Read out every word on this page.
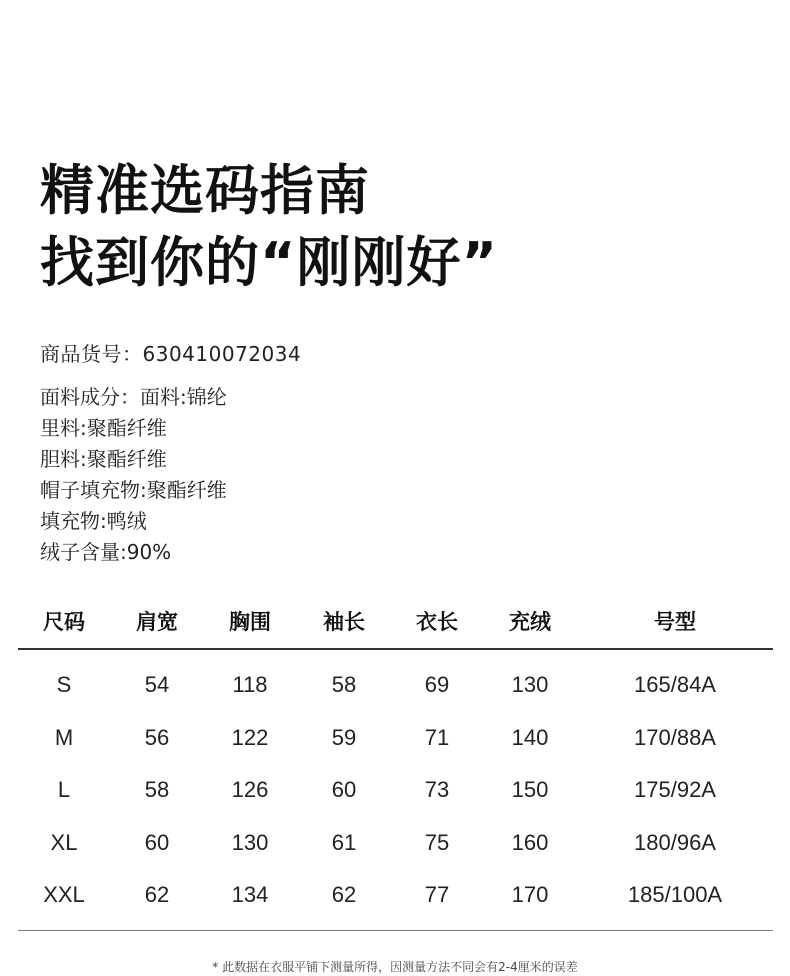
精准选码指南
找到你的“刚刚好”
商品货号：630410072034
面料成分：面料:锦纶
里料:聚酯纤维
胆料:聚酯纤维
帽子填充物:聚酯纤维
填充物:鸭绒
绒子含量:90%
尺码 肩宽 胸围 袖长 衣长 充绒	号型
S	54	118	58	69	130	165/84A
M	56	122	59	71	140	170/88A
L	58	126	60	73	150	175/92A
XL	60	130	61	75	160	180/96A
XXL	62	134	62	77	170	185/100A
* 此数据在衣服平铺下测量所得，因测量方法不同会有2-4厘米的误差
